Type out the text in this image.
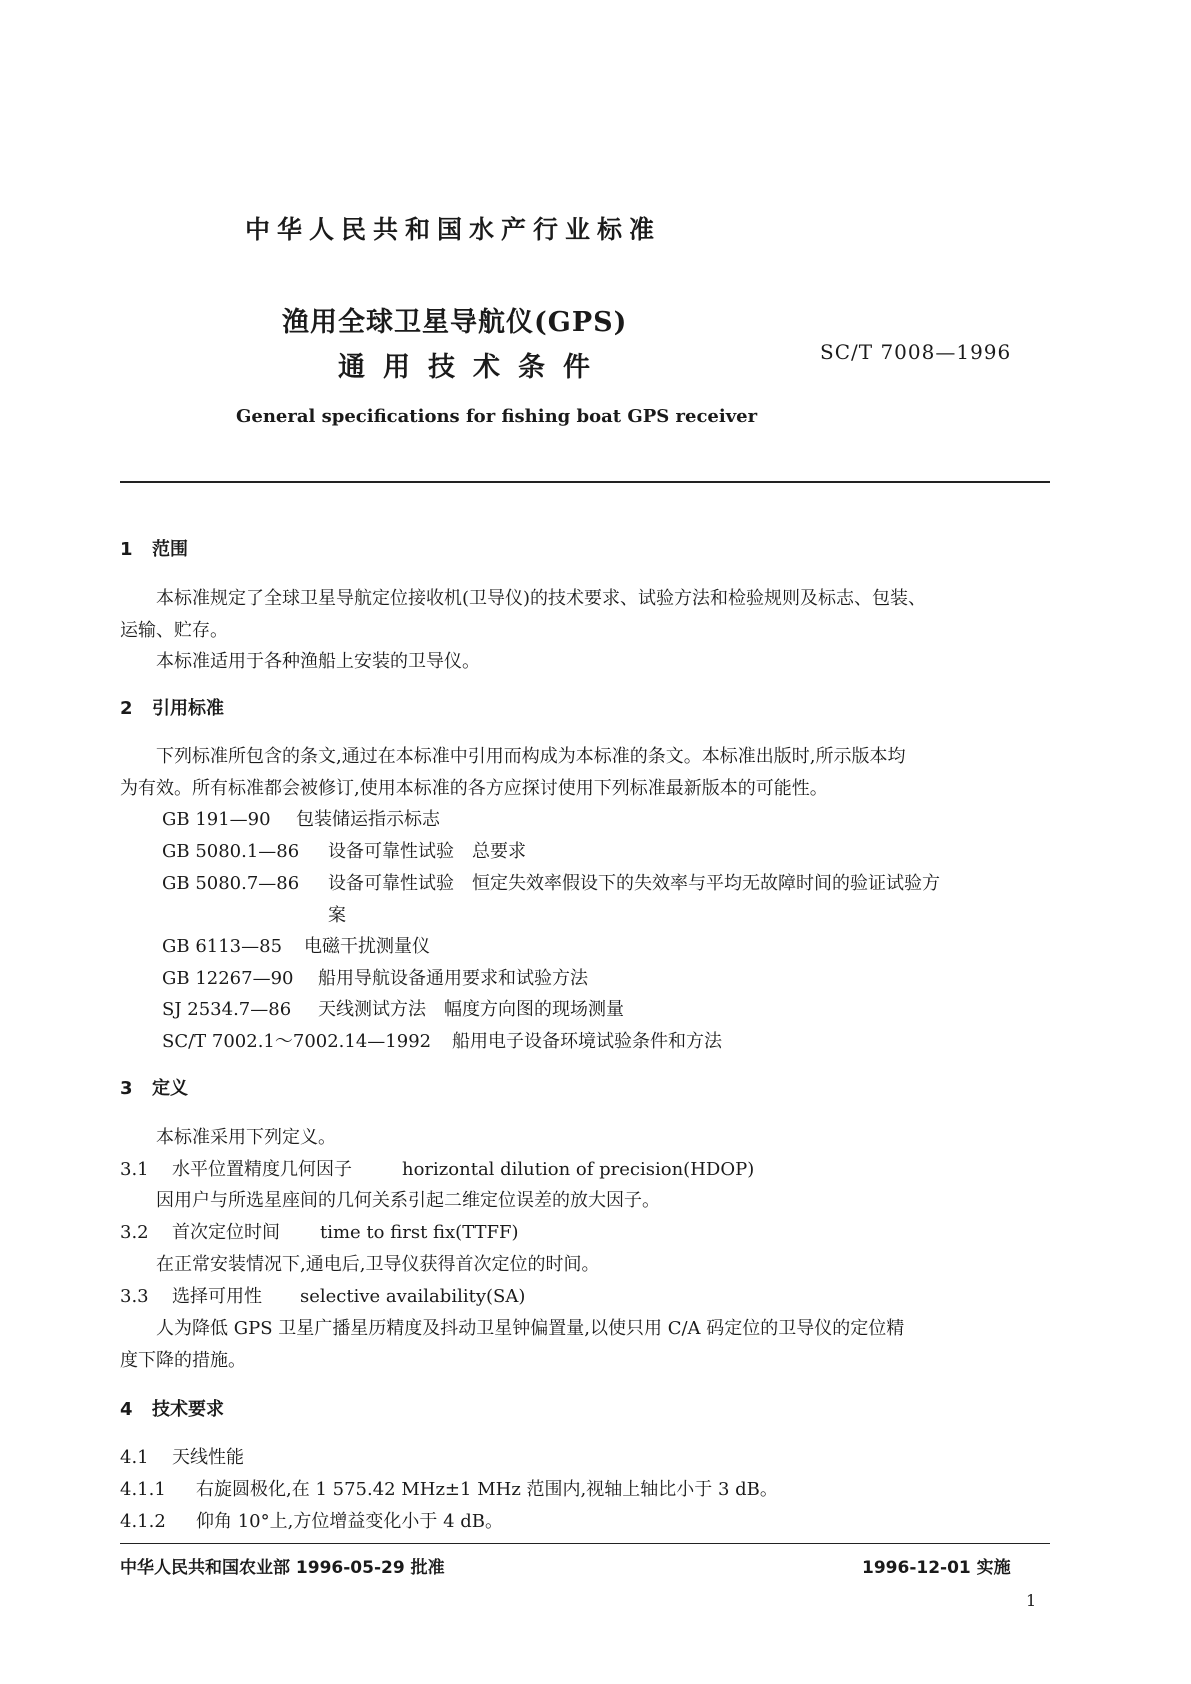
中华人民共和国水产行业标准
渔用全球卫星导航仪(GPS)
通用技术条件	SC/T 7008—1996
General specifications for fishing boat GPS receiver
1 范围
本标准规定了全球卫星导航定位接收机(卫导仪)的技术要求、试验方法和检验规则及标志、包装、
运输、贮存。
本标准适用于各种渔船上安装的卫导仪。
2 引用标准
下列标准所包含的条文,通过在本标准中引用而构成为本标准的条文。本标准出版时,所示版本均
为有效。所有标准都会被修订,使用本标准的各方应探讨使用下列标准最新版本的可能性。
GB 191—90 包装储运指示标志
GB 5080.1—86 设备可靠性试验　总要求
GB 5080.7—86 设备可靠性试验　恒定失效率假设下的失效率与平均无故障时间的验证试验方
案
GB 6113—85 电磁干扰测量仪
GB 12267—90 船用导航设备通用要求和试验方法
SJ 2534.7—86 天线测试方法　幅度方向图的现场测量
SC/T 7002.1～7002.14—1992 船用电子设备环境试验条件和方法
3 定义
本标准采用下列定义。
3.1 水平位置精度几何因子	horizontal dilution of precision(HDOP)
因用户与所选星座间的几何关系引起二维定位误差的放大因子。
3.2 首次定位时间 time to first fix(TTFF)
在正常安装情况下,通电后,卫导仪获得首次定位的时间。
3.3 选择可用性 selective availability(SA)
人为降低 GPS 卫星广播星历精度及抖动卫星钟偏置量,以使只用 C/A 码定位的卫导仪的定位精
度下降的措施。
4 技术要求
4.1 天线性能
4.1.1 右旋圆极化,在 1 575.42 MHz±1 MHz 范围内,视轴上轴比小于 3 dB。
4.1.2 仰角 10°上,方位增益变化小于 4 dB。
中华人民共和国农业部 1996-05-29 批准	1996-12-01 实施
1
